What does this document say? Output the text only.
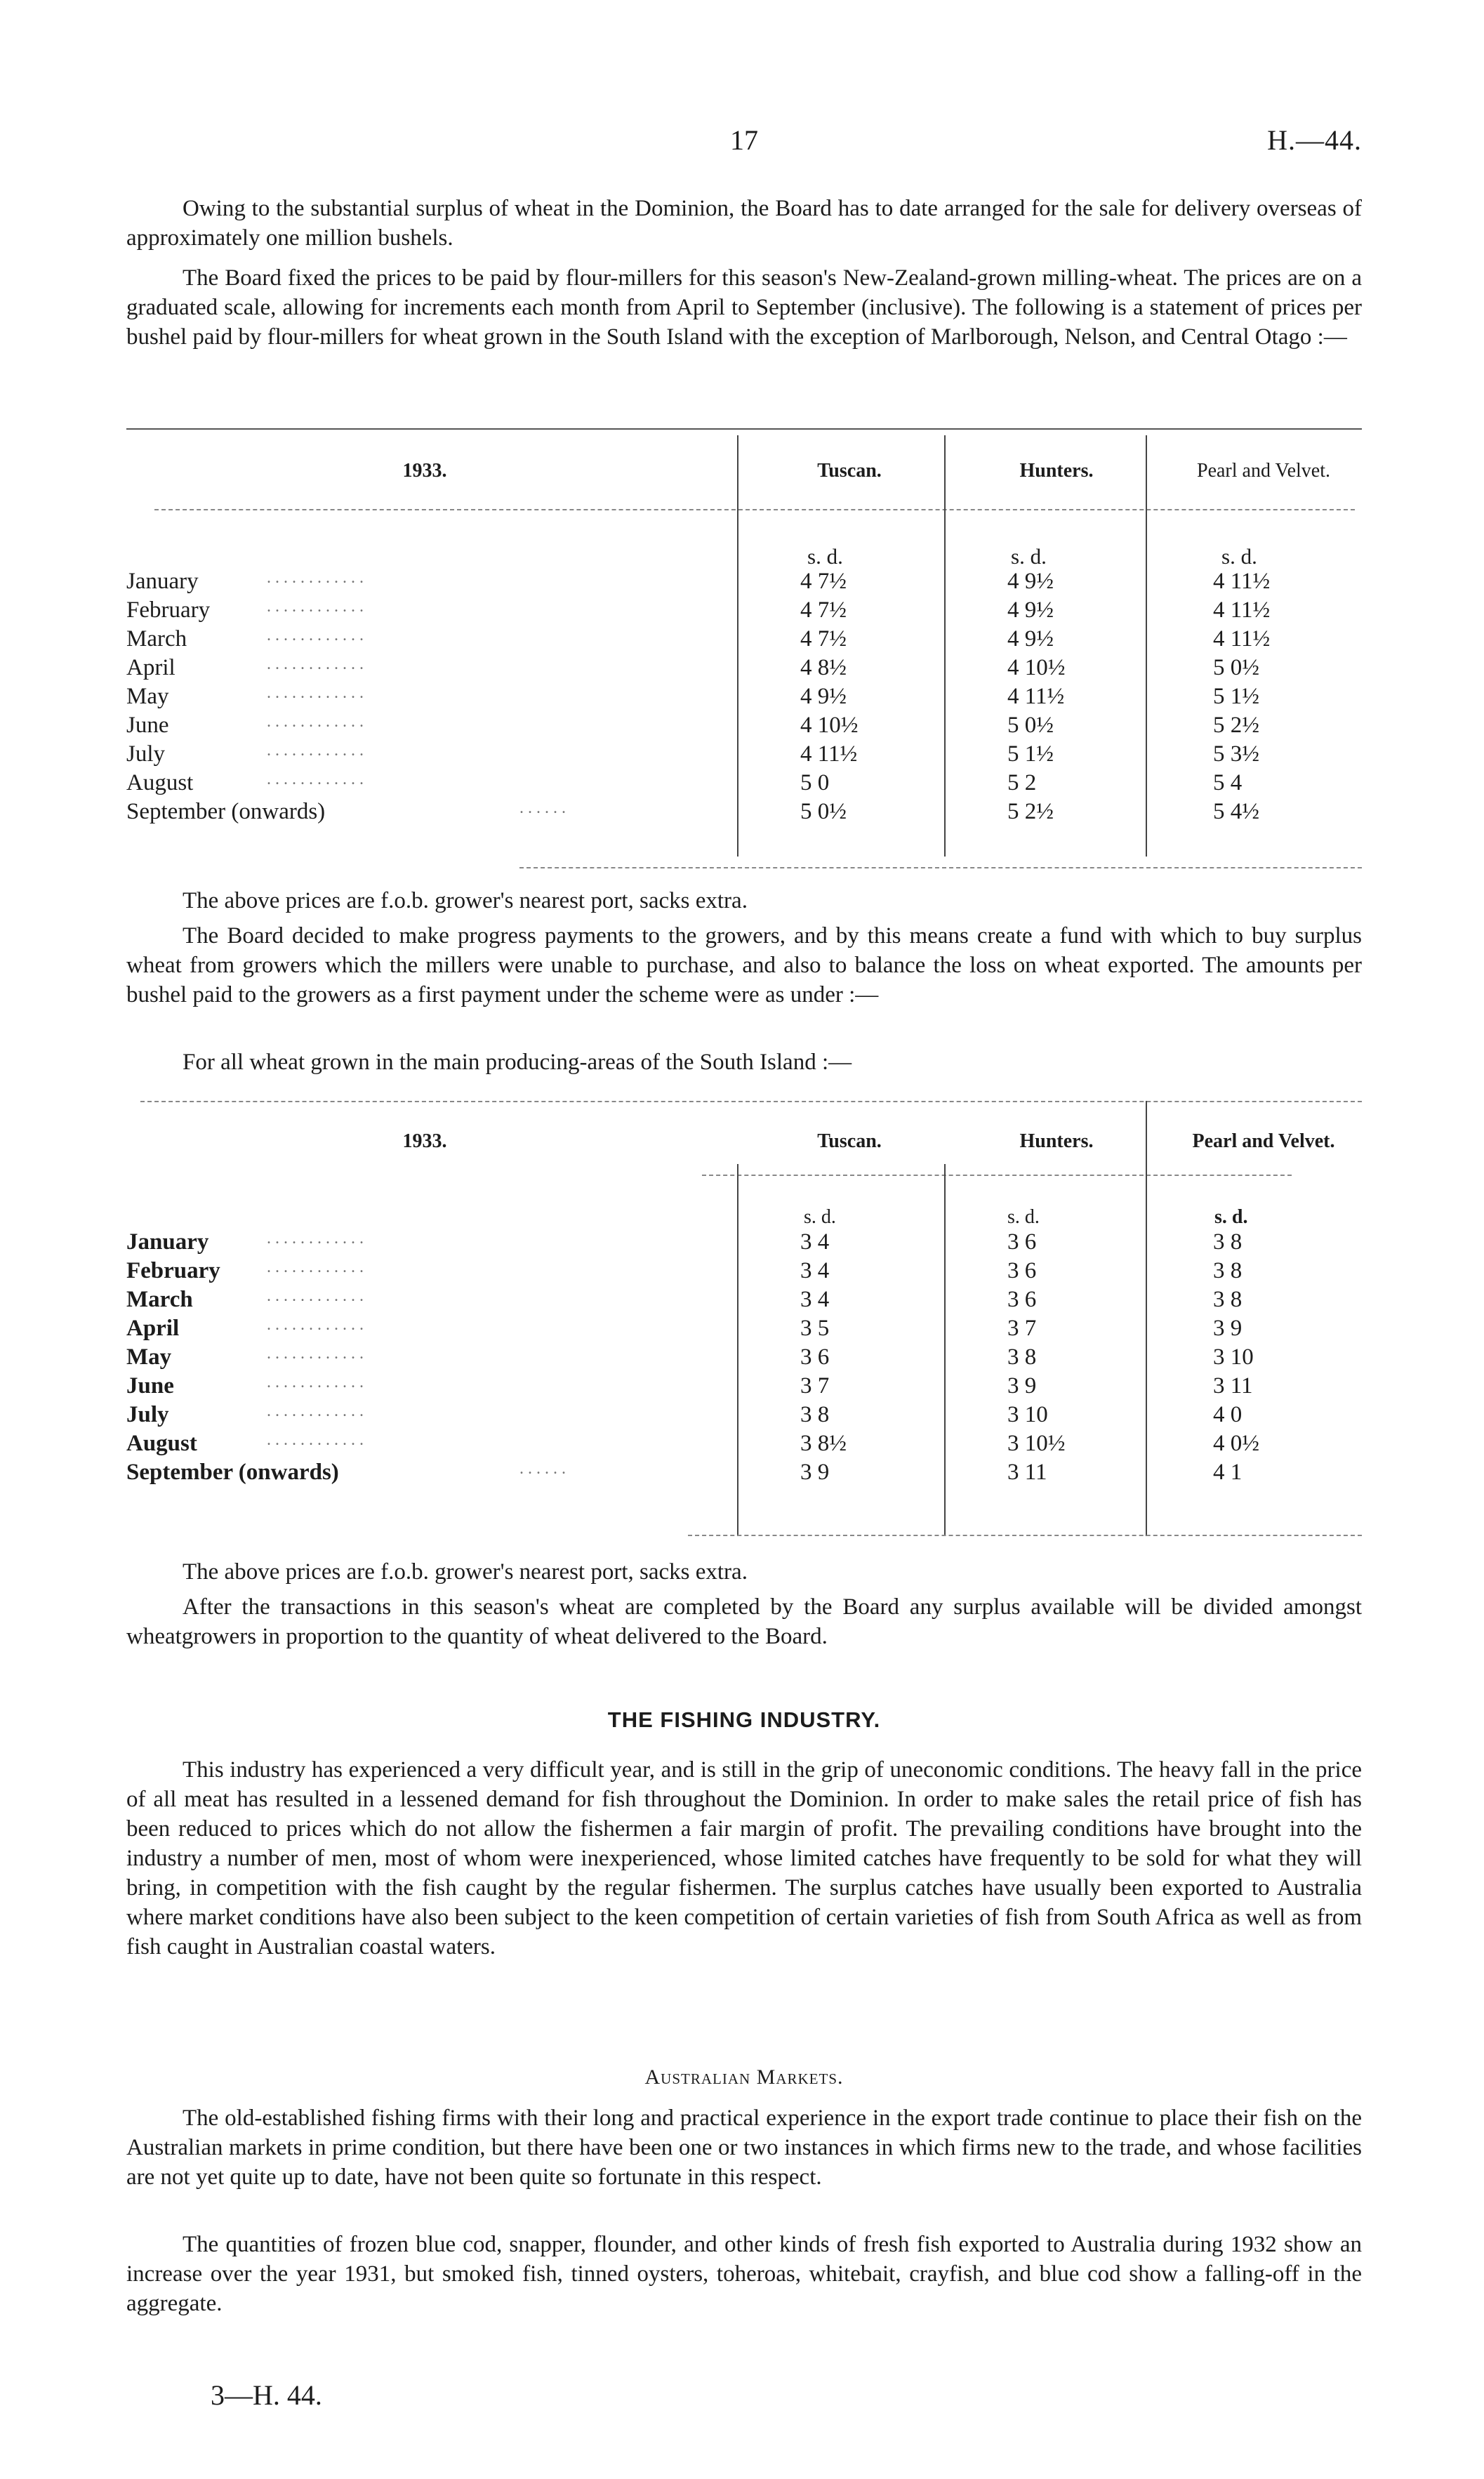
17	H.—44.

Owing to the substantial surplus of wheat in the Dominion, the Board has to date arranged for the sale for delivery overseas of approximately one million bushels.

The Board fixed the prices to be paid by flour-millers for this season's New-Zealand-grown milling-wheat. The prices are on a graduated scale, allowing for increments each month from April to September (inclusive). The following is a statement of prices per bushel paid by flour-millers for wheat grown in the South Island with the exception of Marlborough, Nelson, and Central Otago :—

1933.	Tuscan.	Hunters.	Pearl and Velvet.
s. d.	s. d.	s. d.
January	. . . . . . . . . . . .	4 7½	4 9½	4 11½
February	. . . . . . . . . . . .	4 7½	4 9½	4 11½
March	. . . . . . . . . . . .	4 7½	4 9½	4 11½
April	. . . . . . . . . . . .	4 8½	4 10½	5 0½
May	. . . . . . . . . . . .	4 9½	4 11½	5 1½
June	. . . . . . . . . . . .	4 10½	5 0½	5 2½
July	. . . . . . . . . . . .	4 11½	5 1½	5 3½
August	. . . . . . . . . . . .	5 0	5 2	5 4
September (onwards)	. . . . . .	5 0½	5 2½	5 4½

The above prices are f.o.b. grower's nearest port, sacks extra.

The Board decided to make progress payments to the growers, and by this means create a fund with which to buy surplus wheat from growers which the millers were unable to purchase, and also to balance the loss on wheat exported. The amounts per bushel paid to the growers as a first payment under the scheme were as under :—

For all wheat grown in the main producing-areas of the South Island :—

1933.	Tuscan.	Hunters.	Pearl and Velvet.
s. d.	s. d.	s. d.
January	. . . . . . . . . . . .	3 4	3 6	3 8
February	. . . . . . . . . . . .	3 4	3 6	3 8
March	. . . . . . . . . . . .	3 4	3 6	3 8
April	. . . . . . . . . . . .	3 5	3 7	3 9
May	. . . . . . . . . . . .	3 6	3 8	3 10
June	. . . . . . . . . . . .	3 7	3 9	3 11
July	. . . . . . . . . . . .	3 8	3 10	4 0
August	. . . . . . . . . . . .	3 8½	3 10½	4 0½
September (onwards)	. . . . . .	3 9	3 11	4 1

The above prices are f.o.b. grower's nearest port, sacks extra.

After the transactions in this season's wheat are completed by the Board any surplus available will be divided amongst wheatgrowers in proportion to the quantity of wheat delivered to the Board.

THE FISHING INDUSTRY.

This industry has experienced a very difficult year, and is still in the grip of uneconomic conditions. The heavy fall in the price of all meat has resulted in a lessened demand for fish throughout the Dominion. In order to make sales the retail price of fish has been reduced to prices which do not allow the fishermen a fair margin of profit. The prevailing conditions have brought into the industry a number of men, most of whom were inexperienced, whose limited catches have frequently to be sold for what they will bring, in competition with the fish caught by the regular fishermen. The surplus catches have usually been exported to Australia where market conditions have also been subject to the keen competition of certain varieties of fish from South Africa as well as from fish caught in Australian coastal waters.

Australian Markets.

The old-established fishing firms with their long and practical experience in the export trade continue to place their fish on the Australian markets in prime condition, but there have been one or two instances in which firms new to the trade, and whose facilities are not yet quite up to date, have not been quite so fortunate in this respect.

The quantities of frozen blue cod, snapper, flounder, and other kinds of fresh fish exported to Australia during 1932 show an increase over the year 1931, but smoked fish, tinned oysters, toheroas, whitebait, crayfish, and blue cod show a falling-off in the aggregate.

3—H. 44.
